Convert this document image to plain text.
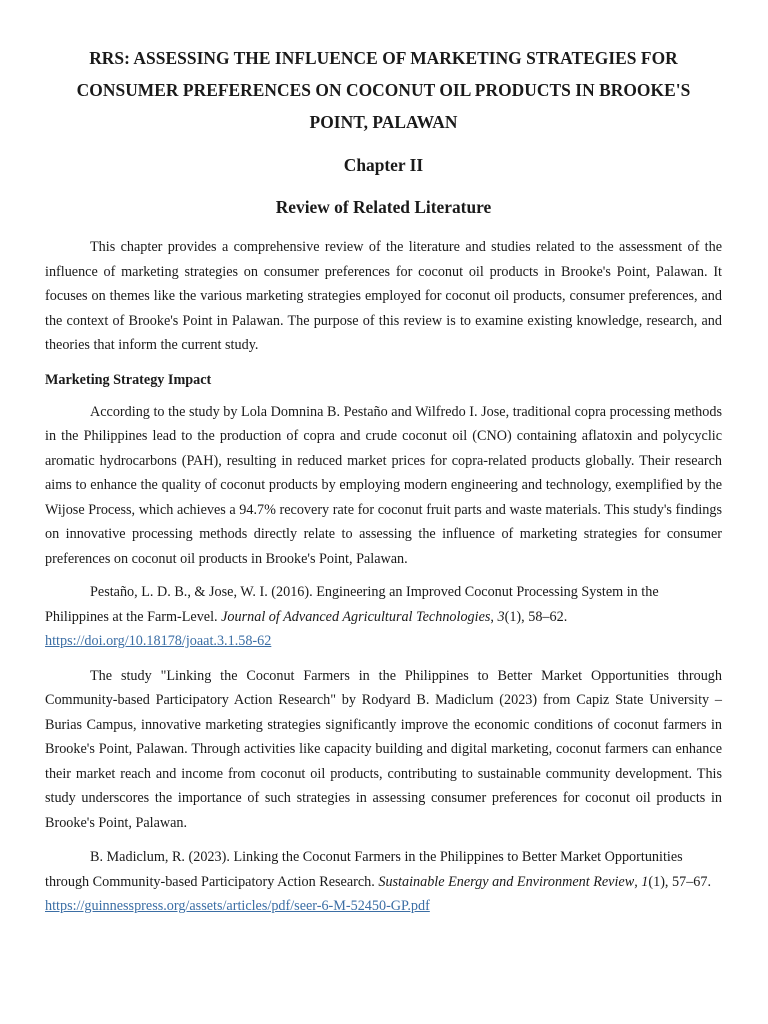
RRS: ASSESSING THE INFLUENCE OF MARKETING STRATEGIES FOR CONSUMER PREFERENCES ON COCONUT OIL PRODUCTS IN BROOKE'S POINT, PALAWAN
Chapter II
Review of Related Literature

This chapter provides a comprehensive review of the literature and studies related to the assessment of the influence of marketing strategies on consumer preferences for coconut oil products in Brooke's Point, Palawan. It focuses on themes like the various marketing strategies employed for coconut oil products, consumer preferences, and the context of Brooke's Point in Palawan. The purpose of this review is to examine existing knowledge, research, and theories that inform the current study.

Marketing Strategy Impact

According to the study by Lola Domnina B. Pestaño and Wilfredo I. Jose, traditional copra processing methods in the Philippines lead to the production of copra and crude coconut oil (CNO) containing aflatoxin and polycyclic aromatic hydrocarbons (PAH), resulting in reduced market prices for copra-related products globally. Their research aims to enhance the quality of coconut products by employing modern engineering and technology, exemplified by the Wijose Process, which achieves a 94.7% recovery rate for coconut fruit parts and waste materials. This study's findings on innovative processing methods directly relate to assessing the influence of marketing strategies for consumer preferences on coconut oil products in Brooke's Point, Palawan.

Pestaño, L. D. B., & Jose, W. I. (2016). Engineering an Improved Coconut Processing System in the Philippines at the Farm-Level. Journal of Advanced Agricultural Technologies, 3(1), 58–62. https://doi.org/10.18178/joaat.3.1.58-62

The study "Linking the Coconut Farmers in the Philippines to Better Market Opportunities through Community-based Participatory Action Research" by Rodyard B. Madiclum (2023) from Capiz State University – Burias Campus, innovative marketing strategies significantly improve the economic conditions of coconut farmers in Brooke's Point, Palawan. Through activities like capacity building and digital marketing, coconut farmers can enhance their market reach and income from coconut oil products, contributing to sustainable community development. This study underscores the importance of such strategies in assessing consumer preferences for coconut oil products in Brooke's Point, Palawan.

B. Madiclum, R. (2023). Linking the Coconut Farmers in the Philippines to Better Market Opportunities through Community-based Participatory Action Research. Sustainable Energy and Environment Review, 1(1), 57–67. https://guinnesspress.org/assets/articles/pdf/seer-6-M-52450-GP.pdf
